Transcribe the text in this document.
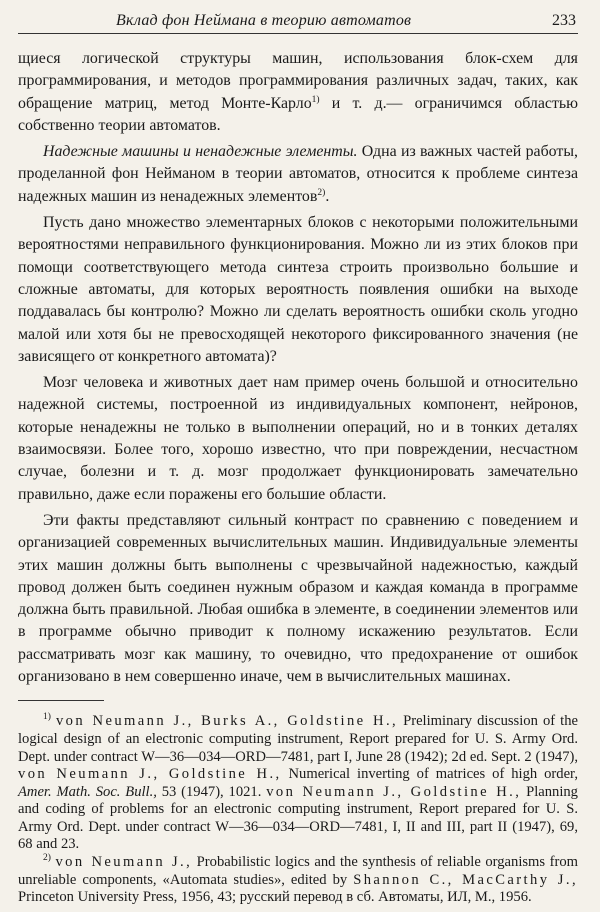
Вклад фон Неймана в теорию автоматов	233

щиеся логической структуры машин, использования блок-схем для программирования, и методов программирования различных задач, таких, как обращение матриц, метод Монте-Карло$^{1)}$ и т. д.— ограничимся областью собственно теории автоматов.

Надежные машины и ненадежные элементы. Одна из важных частей работы, проделанной фон Нейманом в теории автоматов, относится к проблеме синтеза надежных машин из ненадежных элементов$^{2)}$.

Пусть дано множество элементарных блоков с некоторыми положительными вероятностями неправильного функционирования. Можно ли из этих блоков при помощи соответствующего метода синтеза строить произвольно большие и сложные автоматы, для которых вероятность появления ошибки на выходе поддавалась бы контролю? Можно ли сделать вероятность ошибки сколь угодно малой или хотя бы не превосходящей некоторого фиксированного значения (не зависящего от конкретного автомата)?

Мозг человека и животных дает нам пример очень большой и относительно надежной системы, построенной из индивидуальных компонент, нейронов, которые ненадежны не только в выполнении операций, но и в тонких деталях взаимосвязи. Более того, хорошо известно, что при повреждении, несчастном случае, болезни и т. д. мозг продолжает функционировать замечательно правильно, даже если поражены его большие области.

Эти факты представляют сильный контраст по сравнению с поведением и организацией современных вычислительных машин. Индивидуальные элементы этих машин должны быть выполнены с чрезвычайной надежностью, каждый провод должен быть соединен нужным образом и каждая команда в программе должна быть правильной. Любая ошибка в элементе, в соединении элементов или в программе обычно приводит к полному искажению результатов. Если рассматривать мозг как машину, то очевидно, что предохранение от ошибок организовано в нем совершенно иначе, чем в вычислительных машинах.

$^{1)}$ von Neumann J., Burks A., Goldstine H., Preliminary discussion of the logical design of an electronic computing instrument, Report prepared for U. S. Army Ord. Dept. under contract W—36—034—ORD—7481, part I, June 28 (1942); 2d ed. Sept. 2 (1947), von Neumann J., Goldstine H., Numerical inverting of matrices of high order, Amer. Math. Soc. Bull., 53 (1947), 1021. von Neumann J., Goldstine H., Planning and coding of problems for an electronic computing instrument, Report prepared for U. S. Army Ord. Dept. under contract W—36—034—ORD—7481, I, II and III, part II (1947), 69, 68 and 23.

$^{2)}$ von Neumann J., Probabilistic logics and the synthesis of reliable organisms from unreliable components, «Automata studies», edited by Shannon C., MacCarthy J., Princeton University Press, 1956, 43; русский перевод в сб. Автоматы, ИЛ, М., 1956.
